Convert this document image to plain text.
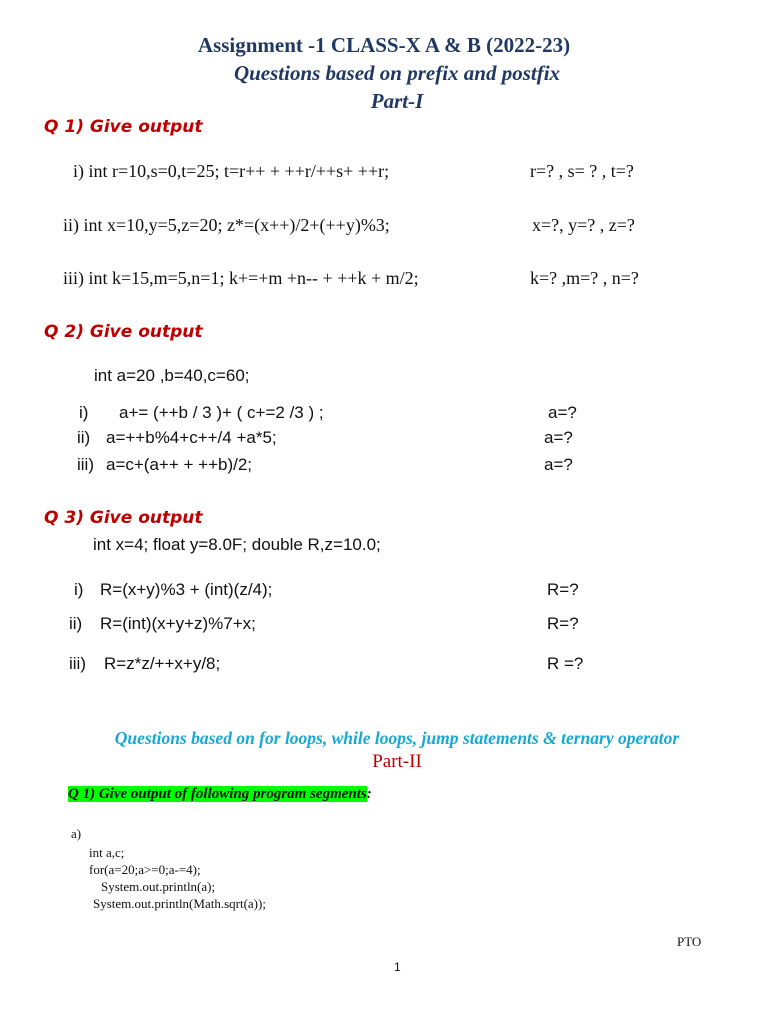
Assignment -1 CLASS-X A & B (2022-23)
Questions based on prefix and postfix
Part-I
Q 1) Give output
i) int r=10,s=0,t=25; t=r++ + ++r/++s+ ++r;	r=? , s= ? , t=?
ii) int x=10,y=5,z=20; z*=(x++)/2+(++y)%3;	x=?, y=? , z=?
iii) int k=15,m=5,n=1; k+=+m +n-- + ++k + m/2;	k=? ,m=? , n=?
Q 2) Give output
int a=20 ,b=40,c=60;
i) a+= (++b / 3 )+ ( c+=2 /3 ) ;	a=?
ii) a=++b%4+c++/4 +a*5;	a=?
iii) a=c+(a++ + ++b)/2;	a=?
Q 3) Give output
int x=4; float y=8.0F; double R,z=10.0;
i) R=(x+y)%3 + (int)(z/4);	R=?
ii) R=(int)(x+y+z)%7+x;	R=?
iii) R=z*z/++x+y/8;	R =?
Questions based on for loops, while loops, jump statements & ternary operator
Part-II
Q 1) Give output of following program segments:
a)
int a,c;
for(a=20;a>=0;a-=4);
System.out.println(a);
System.out.println(Math.sqrt(a));
PTO
1
